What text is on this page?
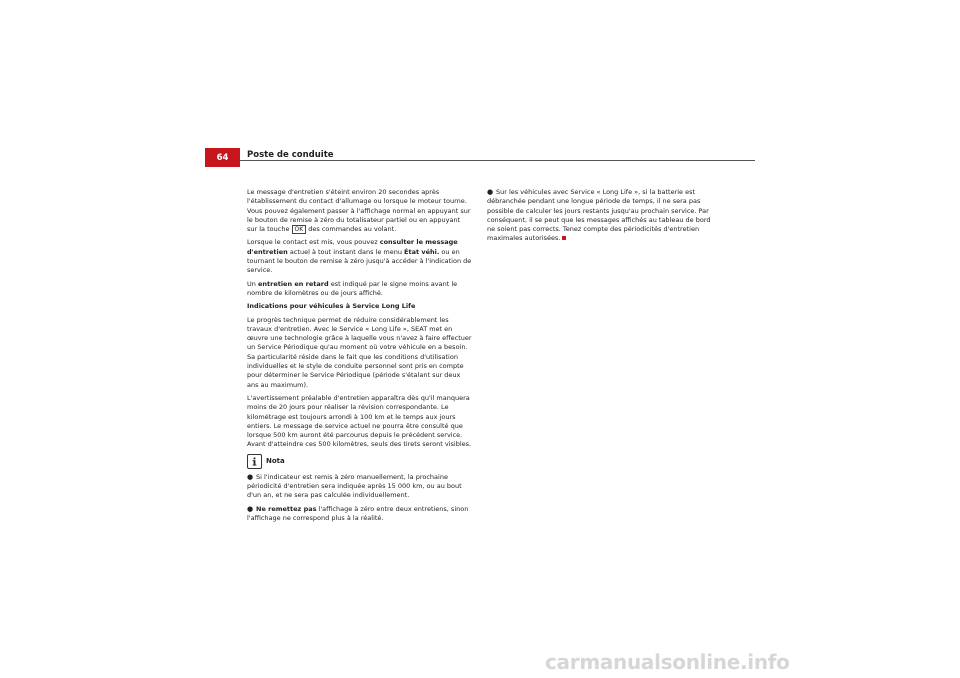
64	Poste de conduite

Le message d'entretien s'éteint environ 20 secondes après l'établissement du contact d'allumage ou lorsque le moteur tourne. Vous pouvez également passer à l'affichage normal en appuyant sur le bouton de remise à zéro du totalisateur partiel ou en appuyant sur la touche OK des commandes au volant.

Lorsque le contact est mis, vous pouvez consulter le message d'entretien actuel à tout instant dans le menu État véhi. ou en tournant le bouton de remise à zéro jusqu'à accéder à l'indication de service.

Un entretien en retard est indiqué par le signe moins avant le nombre de kilomètres ou de jours affiché.

Indications pour véhicules à Service Long Life

Le progrès technique permet de réduire considérablement les travaux d'entretien. Avec le Service « Long Life », SEAT met en œuvre une technologie grâce à laquelle vous n'avez à faire effectuer un Service Périodique qu'au moment où votre véhicule en a besoin. Sa particularité réside dans le fait que les conditions d'utilisation individuelles et le style de conduite personnel sont pris en compte pour déterminer le Service Périodique (période s'étalant sur deux ans au maximum).

L'avertissement préalable d'entretien apparaîtra dès qu'il manquera moins de 20 jours pour réaliser la révision correspondante. Le kilométrage est toujours arrondi à 100 km et le temps aux jours entiers. Le message de service actuel ne pourra être consulté que lorsque 500 km auront été parcourus depuis le précédent service. Avant d'atteindre ces 500 kilomètres, seuls des tirets seront visibles.

Nota

● Si l'indicateur est remis à zéro manuellement, la prochaine périodicité d'entretien sera indiquée après 15 000 km, ou au bout d'un an, et ne sera pas calculée individuellement.

● Ne remettez pas l'affichage à zéro entre deux entretiens, sinon l'affichage ne correspond plus à la réalité.

● Sur les véhicules avec Service « Long Life », si la batterie est débranchée pendant une longue période de temps, il ne sera pas possible de calculer les jours restants jusqu'au prochain service. Par conséquent, il se peut que les messages affichés au tableau de bord ne soient pas corrects. Tenez compte des périodicités d'entretien maximales autorisées.

carmanualsonline.info
